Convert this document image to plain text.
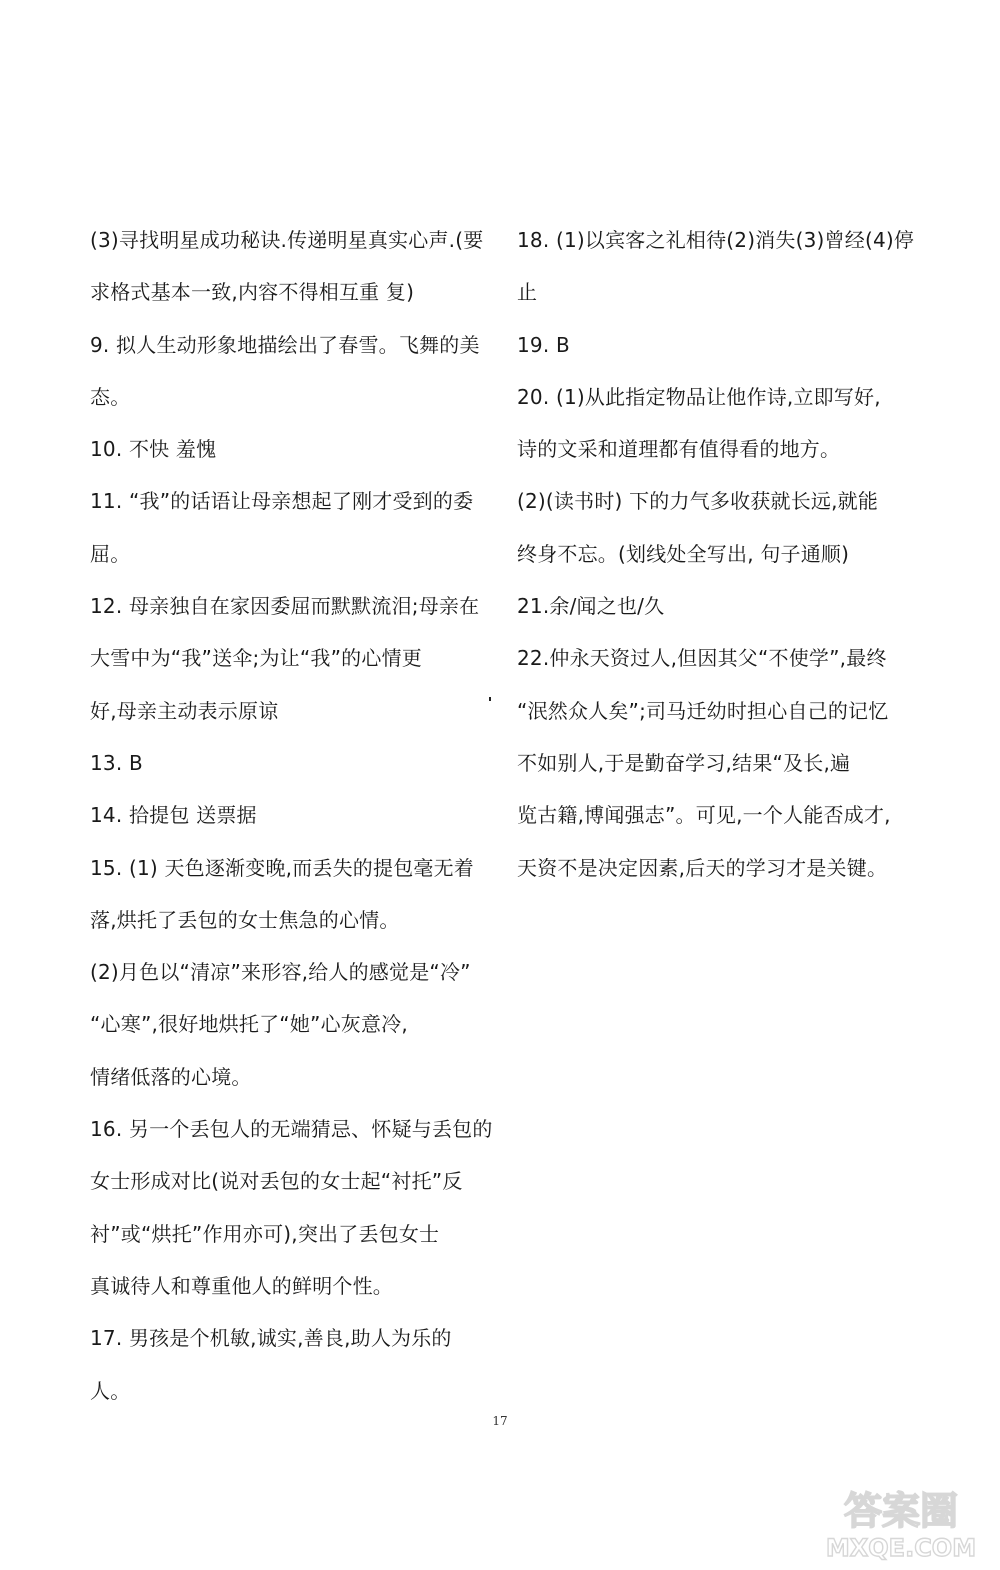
(3)寻找明星成功秘诀.传递明星真实心声.(要
求格式基本一致,内容不得相互重 复)
9. 拟人生动形象地描绘出了春雪。飞舞的美
态。
10. 不快 羞愧
11. “我”的话语让母亲想起了刚才受到的委
屈。
12. 母亲独自在家因委屈而默默流泪;母亲在
大雪中为“我”送伞;为让“我”的心情更
好,母亲主动表示原谅
13. B
14. 拾提包 送票据
15. (1) 天色逐渐变晚,而丢失的提包毫无着
落,烘托了丢包的女士焦急的心情。
(2)月色以“清凉”来形容,给人的感觉是“冷”
“心寒”,很好地烘托了“她”心灰意冷,
情绪低落的心境。
16. 另一个丢包人的无端猜忌、怀疑与丢包的
女士形成对比(说对丢包的女士起“衬托”反
衬”或“烘托”作用亦可),突出了丢包女士
真诚待人和尊重他人的鲜明个性。
17. 男孩是个机敏,诚实,善良,助人为乐的
人。
18. (1)以宾客之礼相待(2)消失(3)曾经(4)停
止
19. B
20. (1)从此指定物品让他作诗,立即写好,
诗的文采和道理都有值得看的地方。
(2)(读书时) 下的力气多收获就长远,就能
终身不忘。(划线处全写出, 句子通顺)
21.余/闻之也/久
22.仲永天资过人,但因其父“不使学”,最终
“泯然众人矣”;司马迁幼时担心自己的记忆
不如别人,于是勤奋学习,结果“及长,遍
览古籍,博闻强志”。可见,一个人能否成才,
天资不是决定因素,后天的学习才是关键。
17
答案圈
MXQE.COM
